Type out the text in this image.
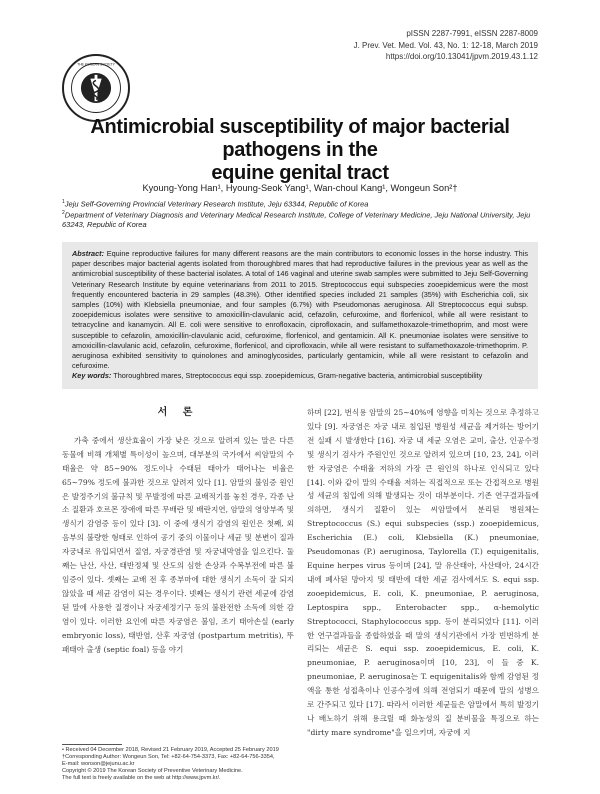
THE KOREAN SOCIETY
pISSN 2287-7991, eISSN 2287-8009
J. Prev. Vet. Med. Vol. 43, No. 1: 12-18, March 2019
https://doi.org/10.13041/jpvm.2019.43.1.12
Antimicrobial susceptibility of major bacterial pathogens in the
equine genital tract
Kyoung-Yong Han¹, Hyoung-Seok Yang¹, Wan-choul Kang¹, Wongeun Son²†
$^1$Jeju Self-Governing Provincial Veterinary Research Institute, Jeju 63344, Republic of Korea
$^2$Department of Veterinary Diagnosis and Veterinary Medical Research Institute, College of Veterinary Medicine, Jeju National University, Jeju 63243, Republic of Korea
Abstract: Equine reproductive failures for many different reasons are the main contributors to economic losses in the horse industry. This paper describes major bacterial agents isolated from thoroughbred mares that had reproductive failures in the previous year as well as the antimicrobial susceptibility of these bacterial isolates. A total of 146 vaginal and uterine swab samples were submitted to Jeju Self-Governing Veterinary Research Institute by equine veterinarians from 2011 to 2015. Streptococcus equi subspecies zooepidemicus were the most frequently encountered bacteria in 29 samples (48.3%). Other identified species included 21 samples (35%) with Escherichia coli, six samples (10%) with Klebsiella pneumoniae, and four samples (6.7%) with Pseudomonas aeruginosa. All Streptococcus equi subsp. zooepidemicus isolates were sensitive to amoxicillin-clavulanic acid, cefazolin, cefuroxime, and florfenicol, while all were resistant to tetracycline and kanamycin. All E. coli were sensitive to enrofloxacin, ciprofloxacin, and sulfamethoxazole-trimethoprim, and most were susceptible to cefazolin, amoxicillin-clavulanic acid, cefuroxime, florfenicol, and gentamicin. All K. pneumoniae isolates were sensitive to amoxicillin-clavulanic acid, cefazolin, cefuroxime, florfenicol, and ciprofloxacin, while all were resistant to sulfamethoxazole-trimethoprim. P. aeruginosa exhibited sensitivity to quinolones and aminoglycosides, particularly gentamicin, while all were resistant to cefazolin and cefuroxime.
Key words: Thoroughbred mares, Streptococcus equi ssp. zooepidemicus, Gram-negative bacteria, antimicrobial susceptibility
서 론
가축 중에서 생산효율이 가장 낮은 것으로 알려져 있는 말은 다른 동물에 비해 개체별 특이성이 높으며, 대부분의 국가에서 씨암말의 수태율은 약 85∼90% 정도이나 수태된 태아가 태어나는 비율은 65∼79% 정도에 불과한 것으로 알려져 있다 [1]. 암말의 불임증 원인은 발정주기의 불규칙 및 무발정에 따른 교배적기를 놓친 경우, 각종 난소 질환과 호르몬 장애에 따른 무배란 및 배란지연, 암말의 영양부족 및 생식기 감염증 등이 있다 [3]. 이 중에 생식기 감염의 원인은 첫째, 외음부의 불량한 형태로 인하여 공기 중의 이물이나 세균 및 분변이 질과 자궁내로 유입되면서 질염, 자궁경관염 및 자궁내막염을 일으킨다. 둘째는 난산, 사산, 태반정체 및 산도의 심한 손상과 수복부전에 따른 불임증이 있다. 셋째는 교배 전 후 종부마에 대한 생식기 소독이 잘 되지 않았을 때 세균 감염이 되는 경우이다. 넷째는 생식기 관련 세균에 감염된 말에 사용한 질경이나 자궁세정기구 등의 불완전한 소독에 의한 감염이 있다. 이러한 요인에 따른 자궁염은 불임, 조기 태아손실 (early embryonic loss), 태반염, 산후 자궁염 (postpartum metritis), 뚜패태아 출생 (septic foal) 등을 야기
하며 [22], 번식용 암말의 25∼40%에 영향을 미치는 것으로 추정하고 있다 [9]. 자궁염은 자궁 내로 침입된 병원성 세균을 제거하는 방어기전 실패 시 발생한다 [16]. 자궁 내 세균 오염은 교미, 출산, 인공수정 및 생식기 검사가 주원인인 것으로 알려져 있으며 [10, 23, 24], 이러한 자궁염은 수태율 저하의 가장 큰 원인의 하나로 인식되고 있다 [14]. 이와 같이 말의 수태율 저하는 직접적으로 또는 간접적으로 병원성 세균의 침입에 의해 발생되는 것이 대부분이다. 기존 연구결과들에 의하면, 생식기 질환이 있는 씨암말에서 분리된 병원체는 Streptococcus (S.) equi subspecies (ssp.) zooepidemicus, Escherichia (E.) coli, Klebsiella (K.) pneumoniae, Pseudomonas (P.) aeruginosa, Taylorella (T.) equigenitalis, Equine herpes virus 등이며 [24], 말 유산태아, 사산태아, 24시간 내에 폐사된 망아지 및 태반에 대한 세균 검사에서도 S. equi ssp. zooepidemicus, E. coli, K. pneumoniae, P. aeruginosa, Leptospira spp., Enterobacter spp., α-hemolytic Streptococci, Staphylococcus spp. 등이 분리되었다 [11]. 이러한 연구결과들을 종합하였을 때 말의 생식기관에서 가장 빈번하게 분리되는 세균은 S. equi ssp. zooepidemicus, E. coli, K. pneumoniae, P. aeruginosa이며 [10, 23], 이 들 중 K. pneumoniae, P. aeruginosa는 T. equigenitalis와 함께 감염된 정액을 통한 성접촉이나 인공수정에 의해 전염되기 때문에 말의 성병으로 간주되고 있다 [17]. 따라서 이러한 세균들은 암말에서 특히 발정기나 배노하기 위해 용크릴 때 화농성의 질 분비물을 특징으로 하는 "dirty mare syndrome"을 일으키며, 자궁에 지
• Received 04 December 2018, Revised 21 February 2019, Accepted 25 February 2019
†Corresponding Author: Wongeun Son, Tel: +82-64-754-3373, Fax: +82-64-756-3354,
E-mail: wonson@jejunu.ac.kr
Copyright © 2019 The Korean Society of Preventive Veterinary Medicine.
The full text is freely available on the web at http://www.jpvm.kr/.
